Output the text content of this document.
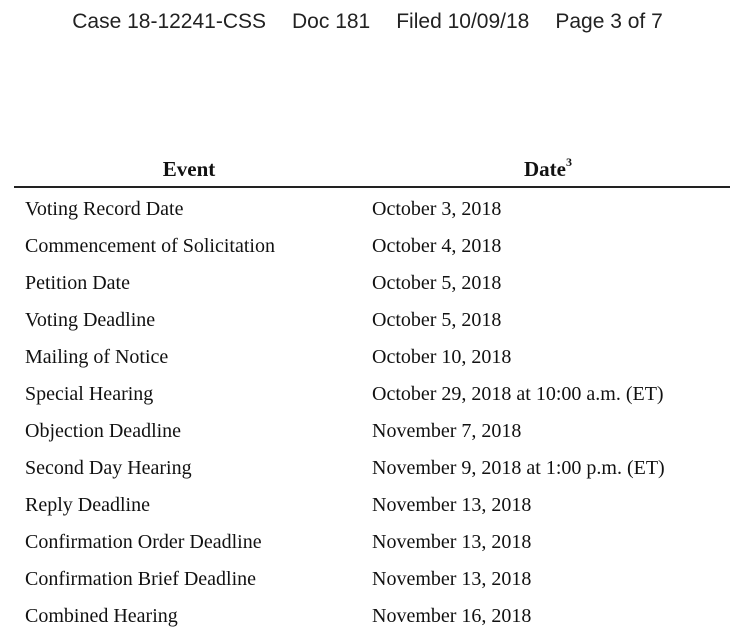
Case 18-12241-CSS Doc 181 Filed 10/09/18 Page 3 of 7
Event	Date$^3$
Voting Record Date	October 3, 2018
Commencement of Solicitation	October 4, 2018
Petition Date	October 5, 2018
Voting Deadline	October 5, 2018
Mailing of Notice	October 10, 2018
Special Hearing	October 29, 2018 at 10:00 a.m. (ET)
Objection Deadline	November 7, 2018
Second Day Hearing	November 9, 2018 at 1:00 p.m. (ET)
Reply Deadline	November 13, 2018
Confirmation Order Deadline	November 13, 2018
Confirmation Brief Deadline	November 13, 2018
Combined Hearing	November 16, 2018
